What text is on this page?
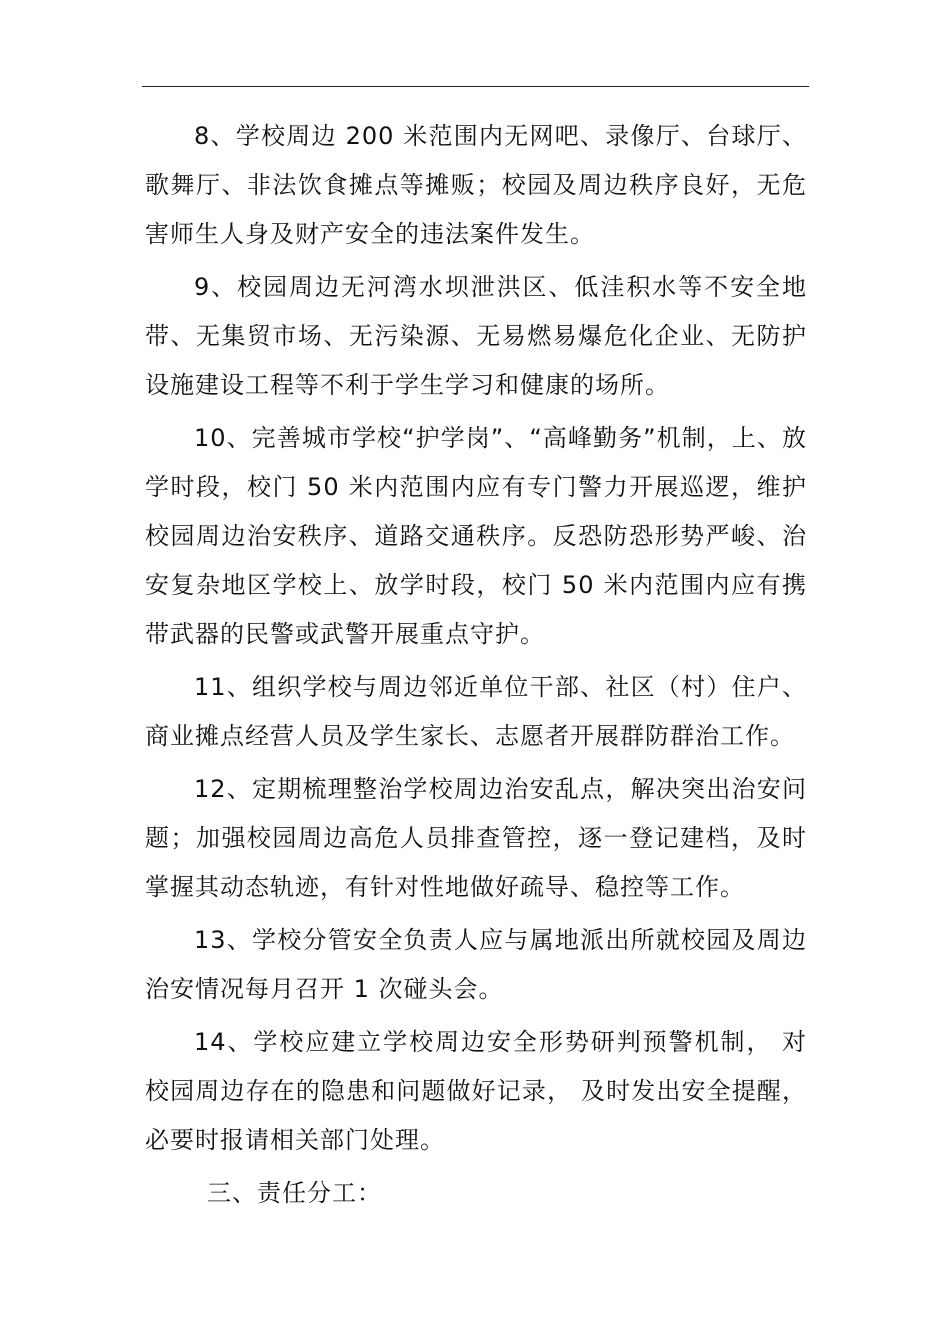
8、学校周边 200 米范围内无网吧、录像厅、台球厅、歌舞厅、非法饮食摊点等摊贩；校园及周边秩序良好，无危害师生人身及财产安全的违法案件发生。

9、校园周边无河湾水坝泄洪区、低洼积水等不安全地带、无集贸市场、无污染源、无易燃易爆危化企业、无防护设施建设工程等不利于学生学习和健康的场所。

10、完善城市学校“护学岗”、“高峰勤务”机制，上、放学时段，校门 50 米内范围内应有专门警力开展巡逻，维护校园周边治安秩序、道路交通秩序。反恐防恐形势严峻、治安复杂地区学校上、放学时段，校门 50 米内范围内应有携带武器的民警或武警开展重点守护。

11、组织学校与周边邻近单位干部、社区（村）住户、商业摊点经营人员及学生家长、志愿者开展群防群治工作。

12、定期梳理整治学校周边治安乱点，解决突出治安问题；加强校园周边高危人员排查管控，逐一登记建档，及时掌握其动态轨迹，有针对性地做好疏导、稳控等工作。

13、学校分管安全负责人应与属地派出所就校园及周边治安情况每月召开 1 次碰头会。

14、学校应建立学校周边安全形势研判预警机制， 对校园周边存在的隐患和问题做好记录， 及时发出安全提醒，必要时报请相关部门处理。

三、责任分工：
